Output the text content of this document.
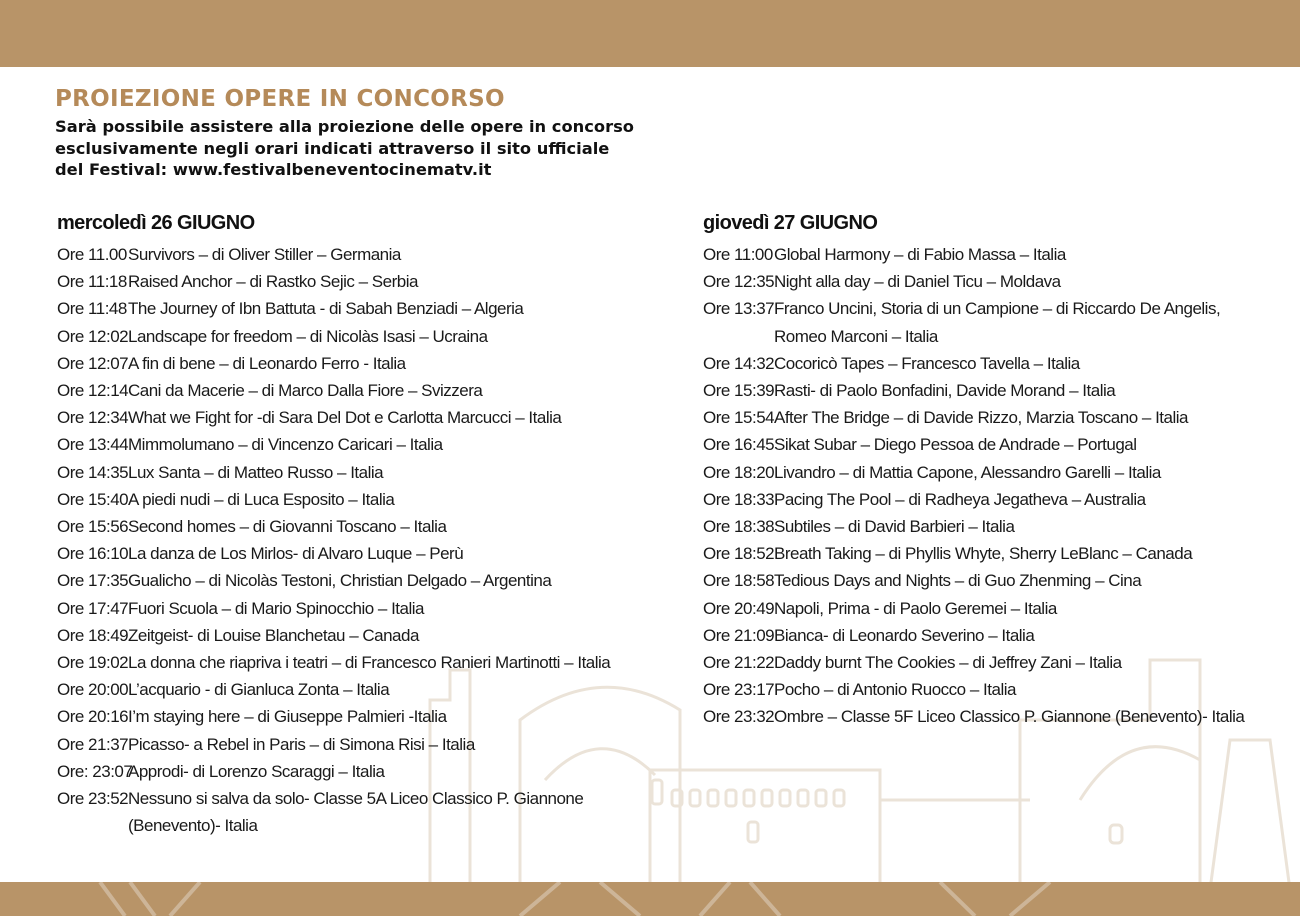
PROIEZIONE OPERE IN CONCORSO
Sarà possibile assistere alla proiezione delle opere in concorso
esclusivamente negli orari indicati attraverso il sito ufficiale
del Festival: www.festivalbeneventocinematv.it
mercoledì 26 GIUGNO
Ore 11.00 Survivors – di Oliver Stiller – Germania
Ore 11:18 Raised Anchor – di Rastko Sejic – Serbia
Ore 11:48 The Journey of Ibn Battuta - di Sabah Benziadi – Algeria
Ore 12:02 Landscape for freedom – di Nicolàs Isasi – Ucraina
Ore 12:07 A fin di bene – di Leonardo Ferro - Italia
Ore 12:14 Cani da Macerie – di Marco Dalla Fiore – Svizzera
Ore 12:34 What we Fight for -di Sara Del Dot e Carlotta Marcucci – Italia
Ore 13:44 Mimmolumano – di Vincenzo Caricari – Italia
Ore 14:35 Lux Santa – di Matteo Russo – Italia
Ore 15:40 A piedi nudi – di Luca Esposito – Italia
Ore 15:56 Second homes – di Giovanni Toscano – Italia
Ore 16:10 La danza de Los Mirlos- di Alvaro Luque – Perù
Ore 17:35 Gualicho – di Nicolàs Testoni, Christian Delgado – Argentina
Ore 17:47 Fuori Scuola – di Mario Spinocchio – Italia
Ore 18:49 Zeitgeist- di Louise Blanchetau – Canada
Ore 19:02 La donna che riapriva i teatri – di Francesco Ranieri Martinotti – Italia
Ore 20:00 L’acquario - di Gianluca Zonta – Italia
Ore 20:16 I’m staying here – di Giuseppe Palmieri -Italia
Ore 21:37 Picasso- a Rebel in Paris – di Simona Risi – Italia
Ore: 23:07
Approdi- di Lorenzo Scaraggi – Italia
Ore 23:52 Nessuno si salva da solo- Classe 5A Liceo Classico P. Giannone (Benevento)- Italia
giovedì 27 GIUGNO
Ore 11:00 Global Harmony – di Fabio Massa – Italia
Ore 12:35 Night alla day – di Daniel Ticu – Moldava
Ore 13:37 Franco Uncini, Storia di un Campione – di Riccardo De Angelis, Romeo Marconi – Italia
Ore 14:32 Cocoricò Tapes – Francesco Tavella – Italia
Ore 15:39 Rasti- di Paolo Bonfadini, Davide Morand – Italia
Ore 15:54 After The Bridge – di Davide Rizzo, Marzia Toscano – Italia
Ore 16:45 Sikat Subar – Diego Pessoa de Andrade – Portugal
Ore 18:20 Livandro – di Mattia Capone, Alessandro Garelli – Italia
Ore 18:33 Pacing The Pool – di Radheya Jegatheva – Australia
Ore 18:38 Subtiles – di David Barbieri – Italia
Ore 18:52 Breath Taking – di Phyllis Whyte, Sherry LeBlanc – Canada
Ore 18:58 Tedious Days and Nights – di Guo Zhenming – Cina
Ore 20:49 Napoli, Prima - di Paolo Geremei – Italia
Ore 21:09 Bianca- di Leonardo Severino – Italia
Ore 21:22 Daddy burnt The Cookies – di Jeffrey Zani – Italia
Ore 23:17 Pocho – di Antonio Ruocco – Italia
Ore 23:32 Ombre – Classe 5F Liceo Classico P. Giannone (Benevento)- Italia
